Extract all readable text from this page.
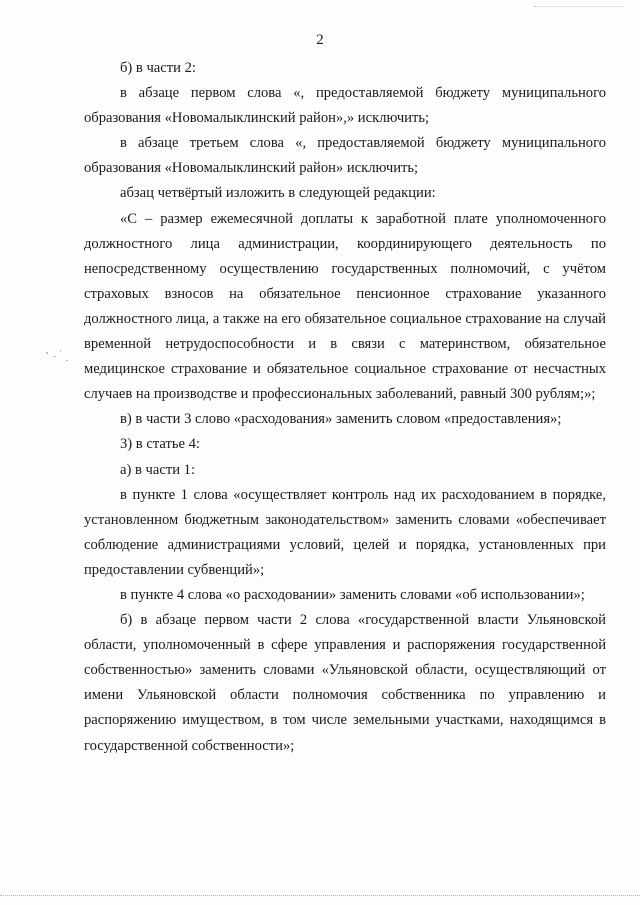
2

б) в части 2:

в абзаце первом слова «, предоставляемой бюджету муниципального образования «Новомалыклинский район»,» исключить;

в абзаце третьем слова «, предоставляемой бюджету муниципального образования «Новомалыклинский район» исключить;

абзац четвёртый изложить в следующей редакции:

«С – размер ежемесячной доплаты к заработной плате уполномоченного должностного лица администрации, координирующего деятельность по непосредственному осуществлению государственных полномочий, с учётом страховых взносов на обязательное пенсионное страхование указанного должностного лица, а также на его обязательное социальное страхование на случай временной нетрудоспособности и в связи с материнством, обязательное медицинское страхование и обязательное социальное страхование от несчастных случаев на производстве и профессиональных заболеваний, равный 300 рублям;»;

в) в части 3 слово «расходования» заменить словом «предоставления»;

3) в статье 4:

а) в части 1:

в пункте 1 слова «осуществляет контроль над их расходованием в порядке, установленном бюджетным законодательством» заменить словами «обеспечивает соблюдение администрациями условий, целей и порядка, установленных при предоставлении субвенций»;

в пункте 4 слова «о расходовании» заменить словами «об использовании»;

б) в абзаце первом части 2 слова «государственной власти Ульяновской области, уполномоченный в сфере управления и распоряжения государственной собственностью» заменить словами «Ульяновской области, осуществляющий от имени Ульяновской области полномочия собственника по управлению и распоряжению имуществом, в том числе земельными участками, находящимся в государственной собственности»;
